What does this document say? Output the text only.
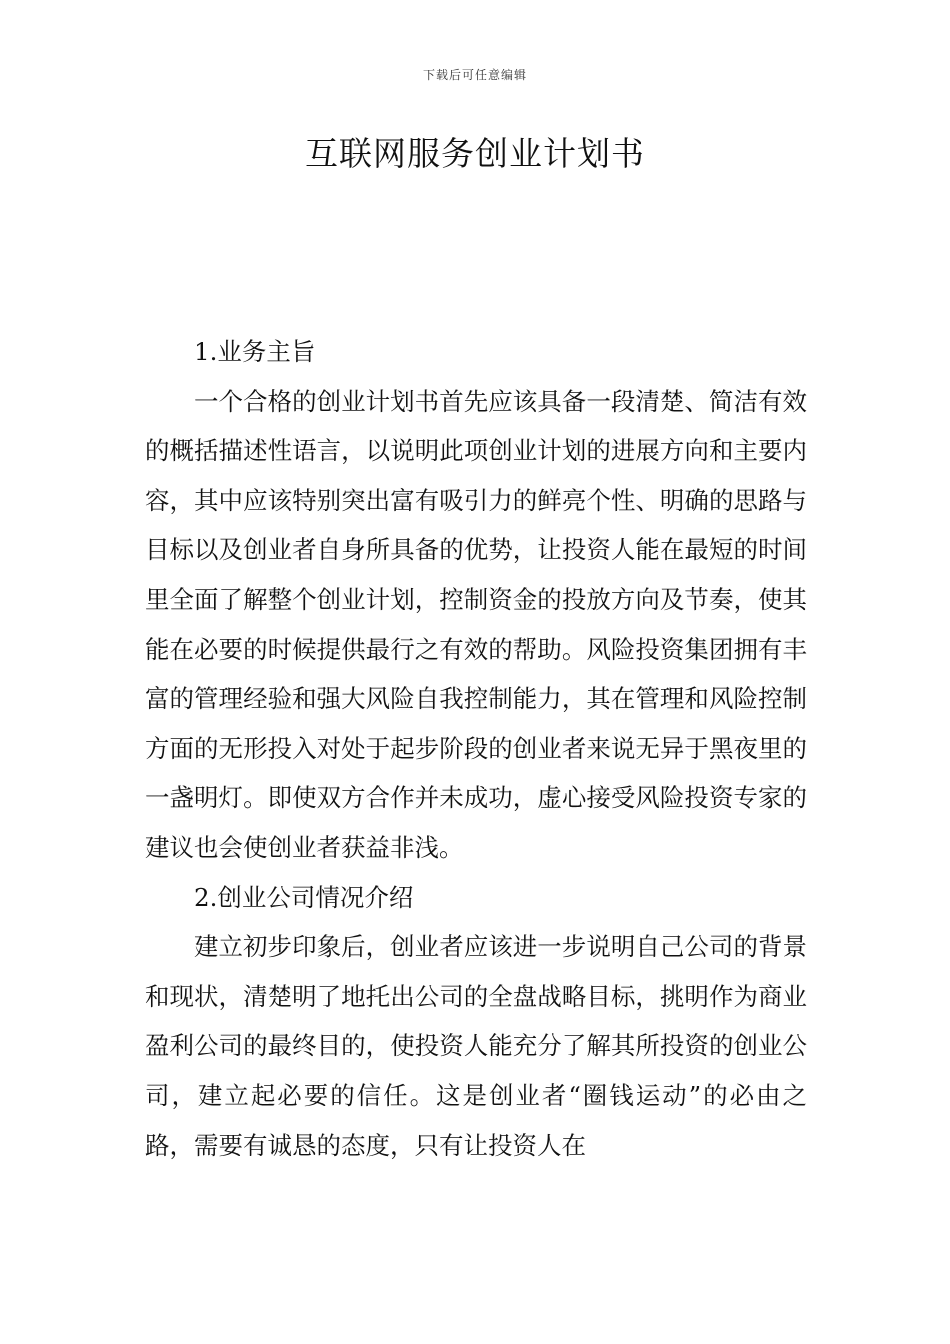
下载后可任意编辑
互联网服务创业计划书

1.业务主旨

一个合格的创业计划书首先应该具备一段清楚、简洁有效的概括描述性语言，以说明此项创业计划的进展方向和主要内容，其中应该特别突出富有吸引力的鲜亮个性、明确的思路与目标以及创业者自身所具备的优势，让投资人能在最短的时间里全面了解整个创业计划，控制资金的投放方向及节奏，使其能在必要的时候提供最行之有效的帮助。风险投资集团拥有丰富的管理经验和强大风险自我控制能力，其在管理和风险控制方面的无形投入对处于起步阶段的创业者来说无异于黑夜里的一盏明灯。即使双方合作并未成功，虚心接受风险投资专家的建议也会使创业者获益非浅。

2.创业公司情况介绍

建立初步印象后，创业者应该进一步说明自己公司的背景和现状，清楚明了地托出公司的全盘战略目标，挑明作为商业盈利公司的最终目的，使投资人能充分了解其所投资的创业公司，建立起必要的信任。这是创业者“圈钱运动”的必由之路，需要有诚恳的态度，只有让投资人在
